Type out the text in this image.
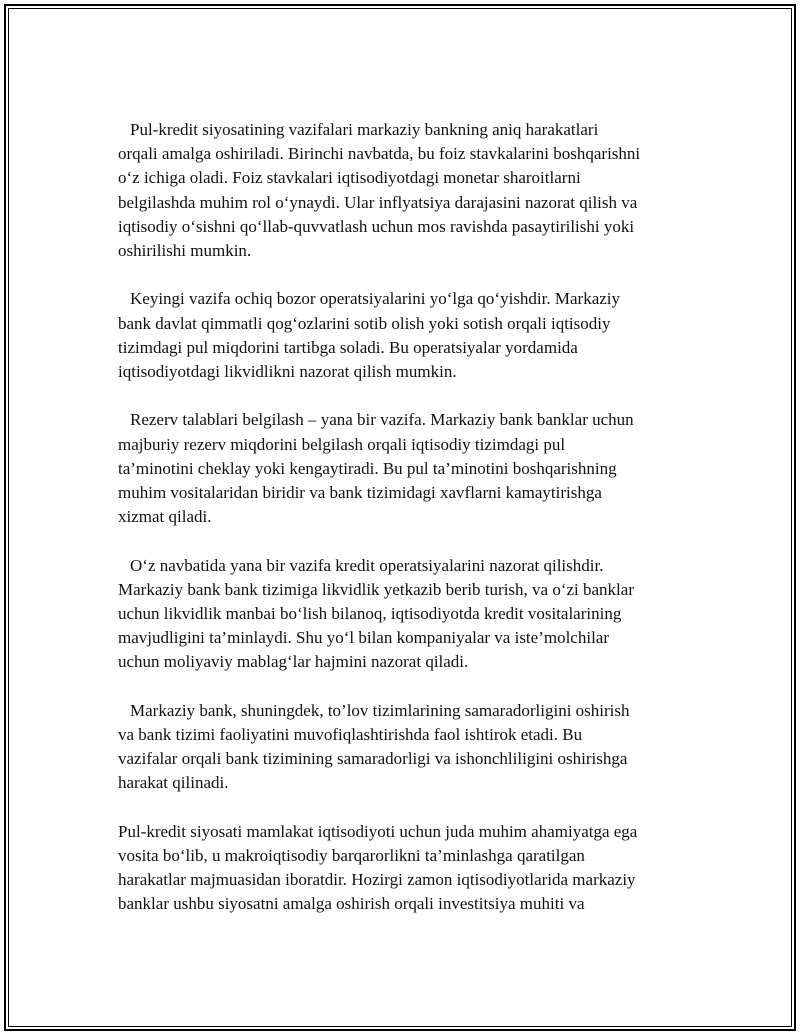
Pul-kredit siyosatining vazifalari markaziy bankning aniq harakatlari
orqali amalga oshiriladi. Birinchi navbatda, bu foiz stavkalarini boshqarishni
o‘z ichiga oladi. Foiz stavkalari iqtisodiyotdagi monetar sharoitlarni
belgilashda muhim rol o‘ynaydi. Ular inflyatsiya darajasini nazorat qilish va
iqtisodiy o‘sishni qo‘llab-quvvatlash uchun mos ravishda pasaytirilishi yoki
oshirilishi mumkin.

Keyingi vazifa ochiq bozor operatsiyalarini yo‘lga qo‘yishdir. Markaziy
bank davlat qimmatli qog‘ozlarini sotib olish yoki sotish orqali iqtisodiy
tizimdagi pul miqdorini tartibga soladi. Bu operatsiyalar yordamida
iqtisodiyotdagi likvidlikni nazorat qilish mumkin.

Rezerv talablari belgilash – yana bir vazifa. Markaziy bank banklar uchun
majburiy rezerv miqdorini belgilash orqali iqtisodiy tizimdagi pul
ta’minotini cheklay yoki kengaytiradi. Bu pul ta’minotini boshqarishning
muhim vositalaridan biridir va bank tizimidagi xavflarni kamaytirishga
xizmat qiladi.

O‘z navbatida yana bir vazifa kredit operatsiyalarini nazorat qilishdir.
Markaziy bank bank tizimiga likvidlik yetkazib berib turish, va o‘zi banklar
uchun likvidlik manbai bo‘lish bilanoq, iqtisodiyotda kredit vositalarining
mavjudligini ta’minlaydi. Shu yo‘l bilan kompaniyalar va iste’molchilar
uchun moliyaviy mablag‘lar hajmini nazorat qiladi.

Markaziy bank, shuningdek, to’lov tizimlarining samaradorligini oshirish
va bank tizimi faoliyatini muvofiqlashtirishda faol ishtirok etadi. Bu
vazifalar orqali bank tizimining samaradorligi va ishonchliligini oshirishga
harakat qilinadi.

Pul-kredit siyosati mamlakat iqtisodiyoti uchun juda muhim ahamiyatga ega
vosita bo‘lib, u makroiqtisodiy barqarorlikni ta’minlashga qaratilgan
harakatlar majmuasidan iboratdir. Hozirgi zamon iqtisodiyotlarida markaziy
banklar ushbu siyosatni amalga oshirish orqali investitsiya muhiti va
